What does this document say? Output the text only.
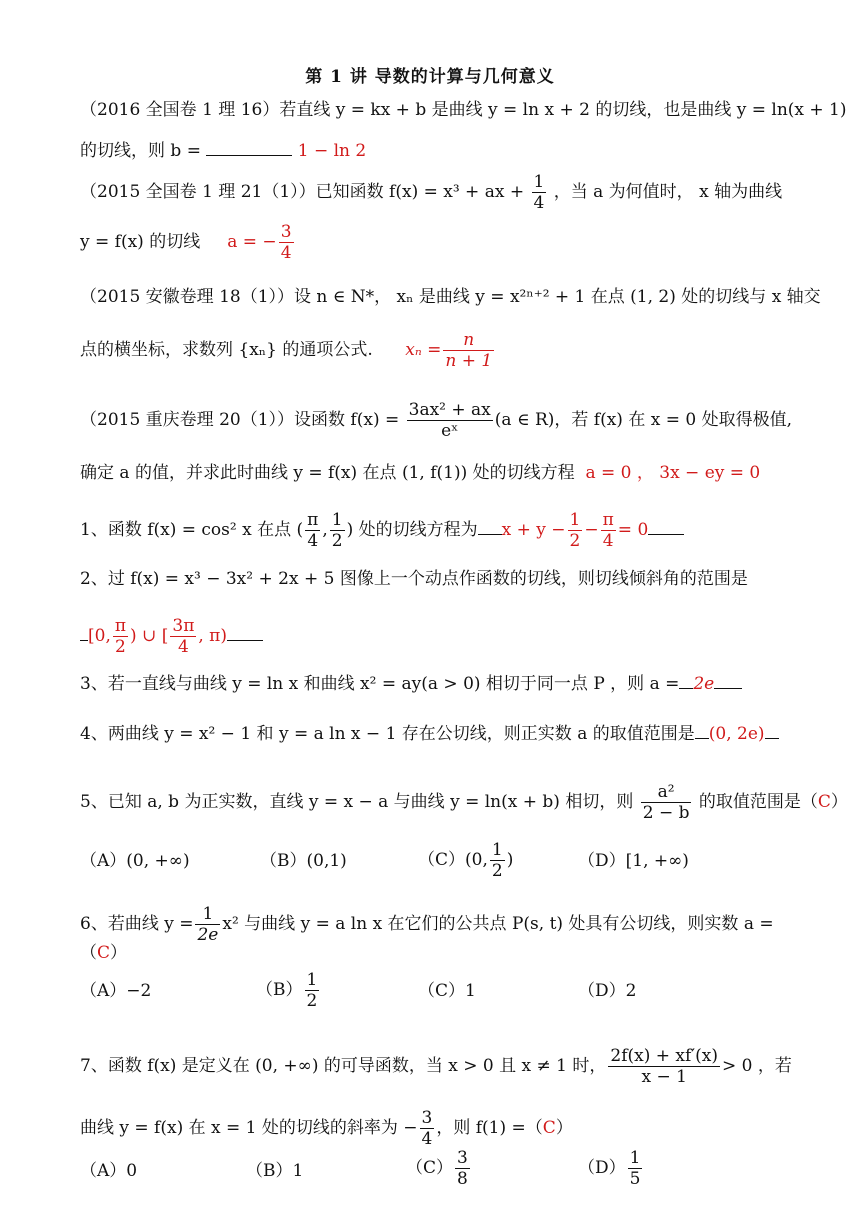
第 1 讲 导数的计算与几何意义
（2016 全国卷 1 理 16）若直线 y = kx + b 是曲线 y = ln x + 2 的切线，也是曲线 y = ln(x + 1)
的切线，则 b =	1 − ln 2
（2015 全国卷 1 理 21（1））已知函数 f(x) = x³ + ax + $\frac{1}{4}$ ，当 a 为何值时， x 轴为曲线
y = f(x) 的切线 a = − $\frac{3}{4}$
（2015 安徽卷理 18（1））设 n ∈ N*， xₙ 是曲线 y = x²ⁿ⁺² + 1 在点 (1, 2) 处的切线与 x 轴交
点的横坐标，求数列 {xₙ} 的通项公式. $x_n = \frac{n}{n + 1}$
（2015 重庆卷理 20（1））设函数 $f(x) = \frac{\text{3ax² + ax}}{\text{eˣ}} (a$ ∈ R)，若 f(x) 在 x = 0 处取得极值,
确定 a 的值，并求此时曲线 y = f(x) 在点 (1, f(1)) 处的切线方程 a = 0 ， 3x − ey = 0
1、函数 f(x) = cos² x 在点 ( $\frac{\pi}{4}$ , $\frac{1}{2}$ ) 处的切线方程为 $x + y - \frac{1}{2} - \frac{\pi}{4} = 0$
2、过 f(x) = x³ − 3x² + 2x + 5 图像上一个动点作函数的切线，则切线倾斜角的范围是
[0, $\frac{\pi}{2}$ ) ∪ [ $\frac{3\pi}{4}$ , π)
3、若一直线与曲线 y = ln x 和曲线 x² = ay(a > 0) 相切于同一点 P ，则 a = 2e
4、两曲线 y = x² − 1 和 y = a ln x − 1 存在公切线，则正实数 a 的取值范围是 (0, 2e)
5、已知 a, b 为正实数，直线 y = x − a 与曲线 y = ln(x + b) 相切，则 $\frac{\text{a²}}{2 - b}$ 的取值范围是（C）
（A）(0, +∞)	（B）(0,1)	（C）(0, $\frac{1}{2}$ )	（D）[1, +∞)
6、若曲线 $y = \frac{1}{2e} x^2$ 与曲线 y = a ln x 在它们的公共点 P(s, t) 处具有公切线，则实数 a =
（C）
（A）−2	$(B) \frac{1}{2}$	（C）1	（D）2
7、函数 f(x) 是定义在 (0, +∞) 的可导函数，当 x > 0 且 x ≠ 1 时， $\frac{2f(x) + xf'(x)}{x - 1} > 0$ ，若
曲线 y = f(x) 在 x = 1 处的切线的斜率为 − $\frac{3}{4}$ ，则 f(1) =（C）
（A）0	（B）1	$(C) \frac{3}{8}$	$(D) \frac{1}{5}$
